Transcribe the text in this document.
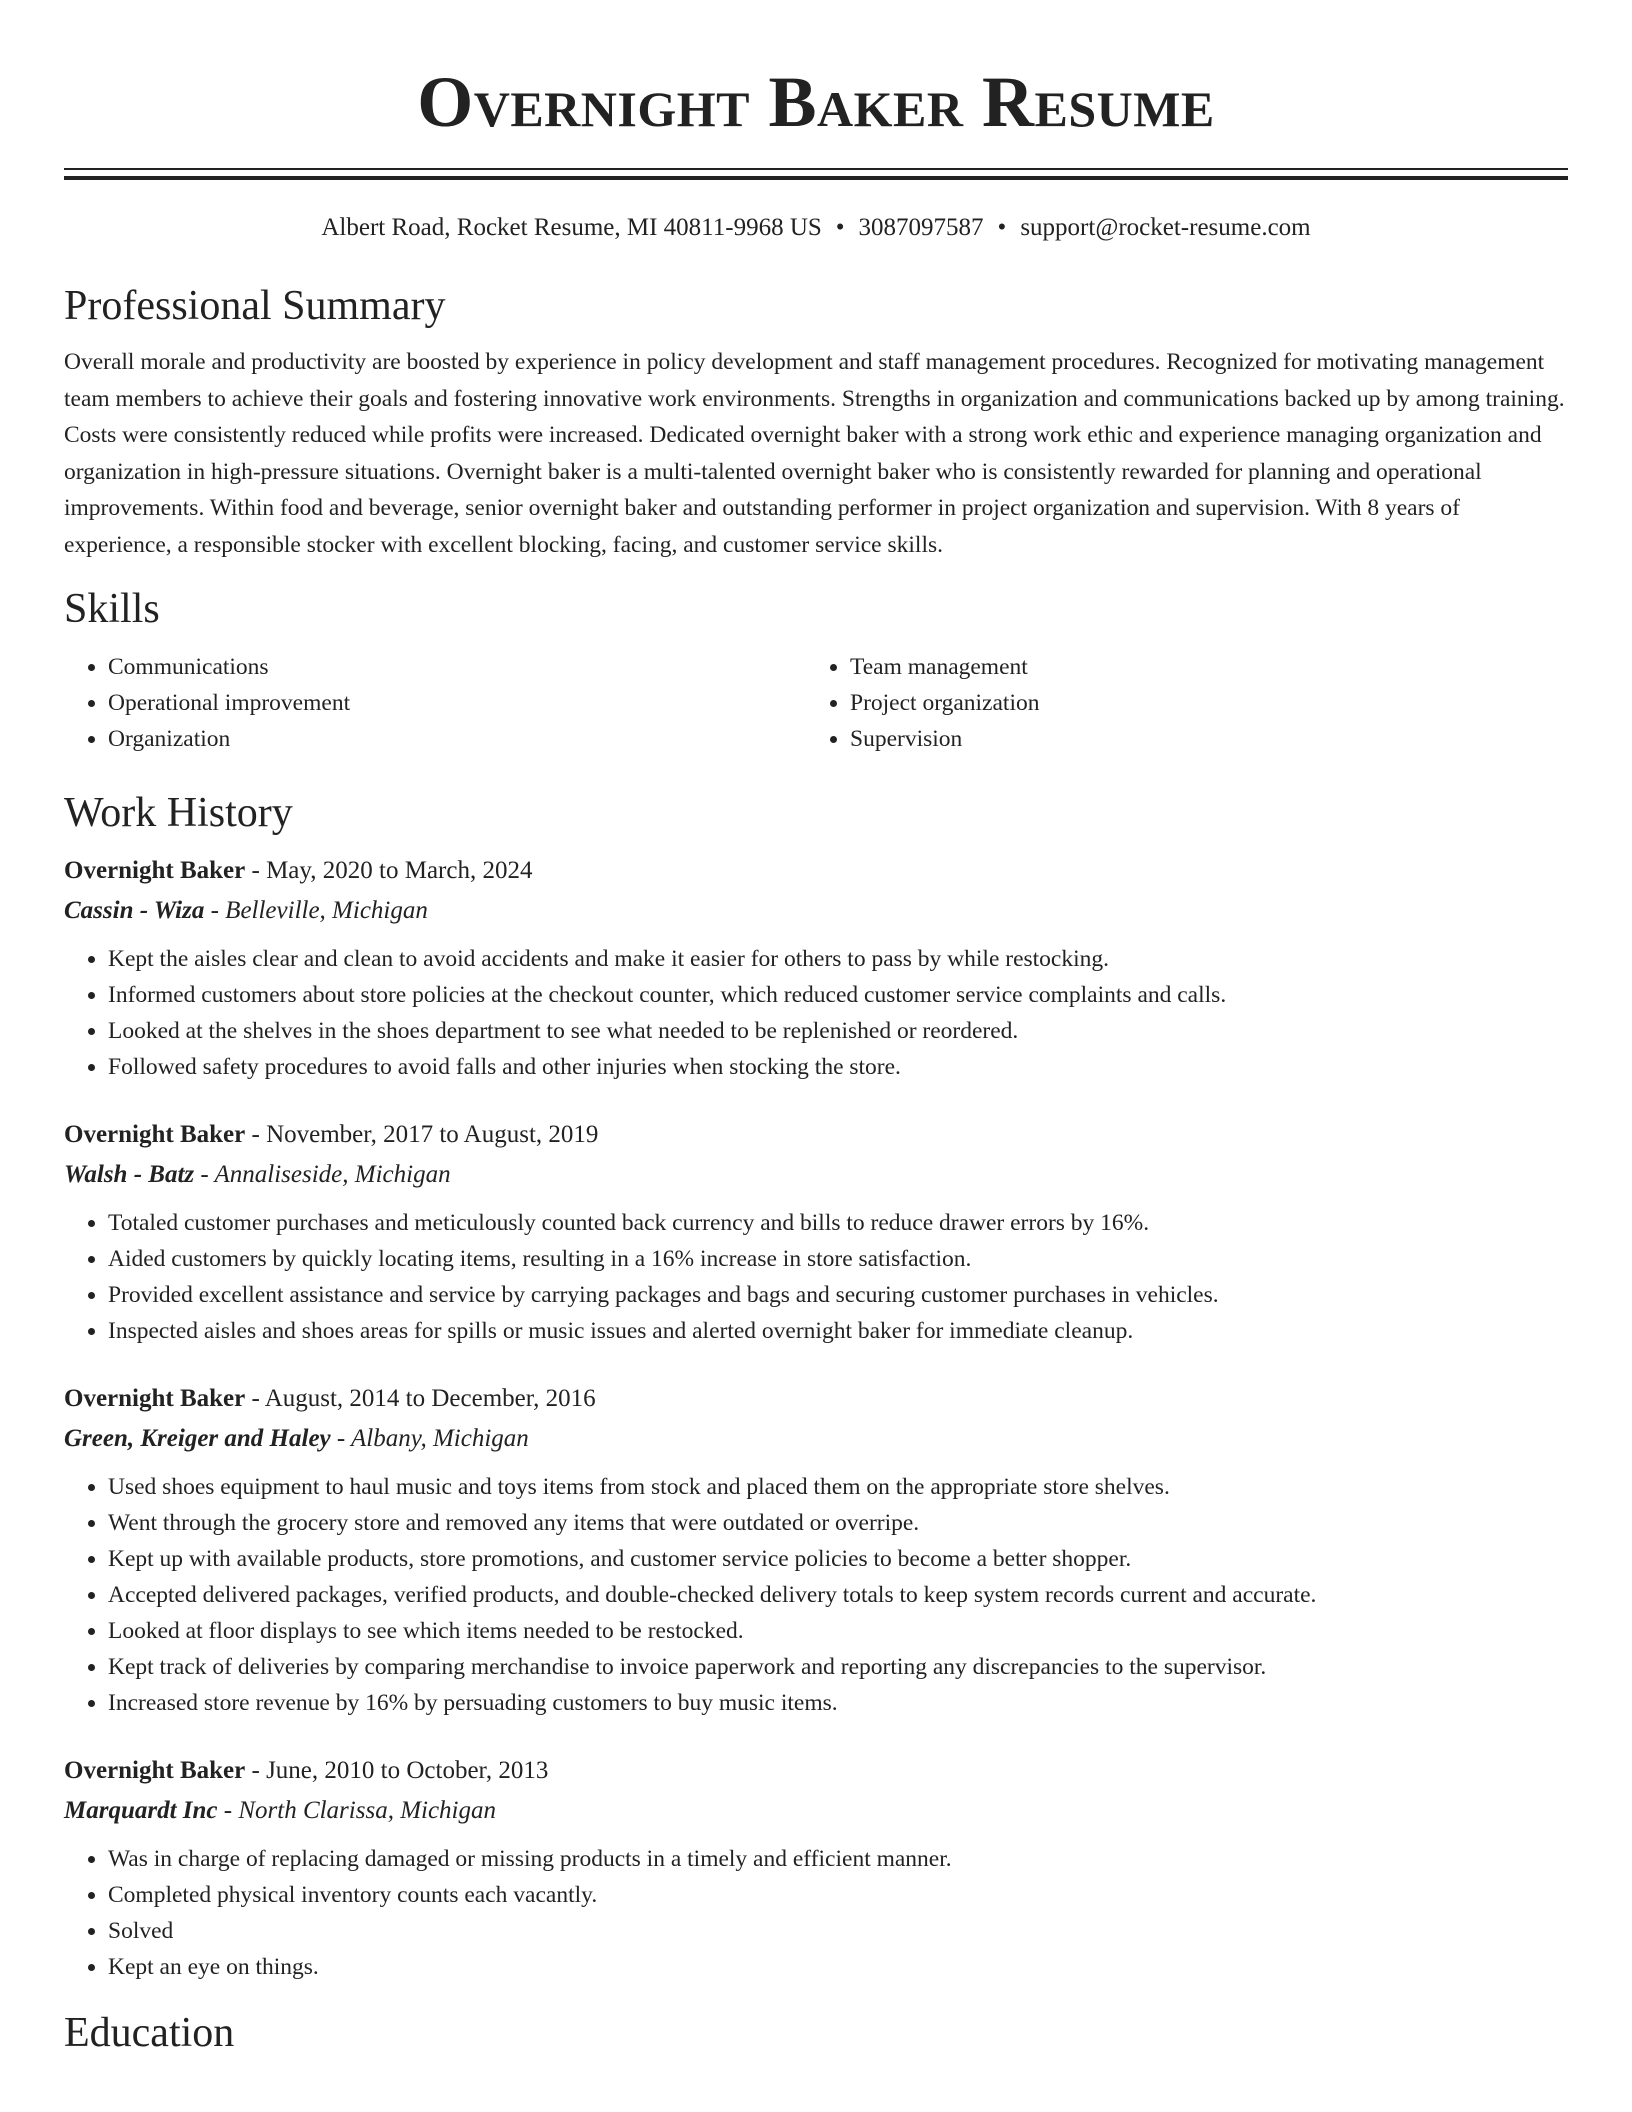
Overnight Baker Resume
Albert Road, Rocket Resume, MI 40811-9968 US • 3087097587 • support@rocket-resume.com
Professional Summary

Overall morale and productivity are boosted by experience in policy development and staff management procedures. Recognized for motivating management team members to achieve their goals and fostering innovative work environments. Strengths in organization and communications backed up by among training. Costs were consistently reduced while profits were increased. Dedicated overnight baker with a strong work ethic and experience managing organization and organization in high-pressure situations. Overnight baker is a multi-talented overnight baker who is consistently rewarded for planning and operational improvements. Within food and beverage, senior overnight baker and outstanding performer in project organization and supervision. With 8 years of experience, a responsible stocker with excellent blocking, facing, and customer service skills.

Skills
• Communications
• Operational improvement
• Organization
• Team management
• Project organization
• Supervision
Work History
Overnight Baker - May, 2020 to March, 2024
Cassin - Wiza - Belleville, Michigan
• Kept the aisles clear and clean to avoid accidents and make it easier for others to pass by while restocking.
• Informed customers about store policies at the checkout counter, which reduced customer service complaints and calls.
• Looked at the shelves in the shoes department to see what needed to be replenished or reordered.
• Followed safety procedures to avoid falls and other injuries when stocking the store.
Overnight Baker - November, 2017 to August, 2019
Walsh - Batz - Annaliseside, Michigan
• Totaled customer purchases and meticulously counted back currency and bills to reduce drawer errors by 16%.
• Aided customers by quickly locating items, resulting in a 16% increase in store satisfaction.
• Provided excellent assistance and service by carrying packages and bags and securing customer purchases in vehicles.
• Inspected aisles and shoes areas for spills or music issues and alerted overnight baker for immediate cleanup.
Overnight Baker - August, 2014 to December, 2016
Green, Kreiger and Haley - Albany, Michigan
• Used shoes equipment to haul music and toys items from stock and placed them on the appropriate store shelves.
• Went through the grocery store and removed any items that were outdated or overripe.
• Kept up with available products, store promotions, and customer service policies to become a better shopper.
• Accepted delivered packages, verified products, and double-checked delivery totals to keep system records current and accurate.
• Looked at floor displays to see which items needed to be restocked.
• Kept track of deliveries by comparing merchandise to invoice paperwork and reporting any discrepancies to the supervisor.
• Increased store revenue by 16% by persuading customers to buy music items.
Overnight Baker - June, 2010 to October, 2013
Marquardt Inc - North Clarissa, Michigan
• Was in charge of replacing damaged or missing products in a timely and efficient manner.
• Completed physical inventory counts each vacantly.
• Solved
• Kept an eye on things.
Education
